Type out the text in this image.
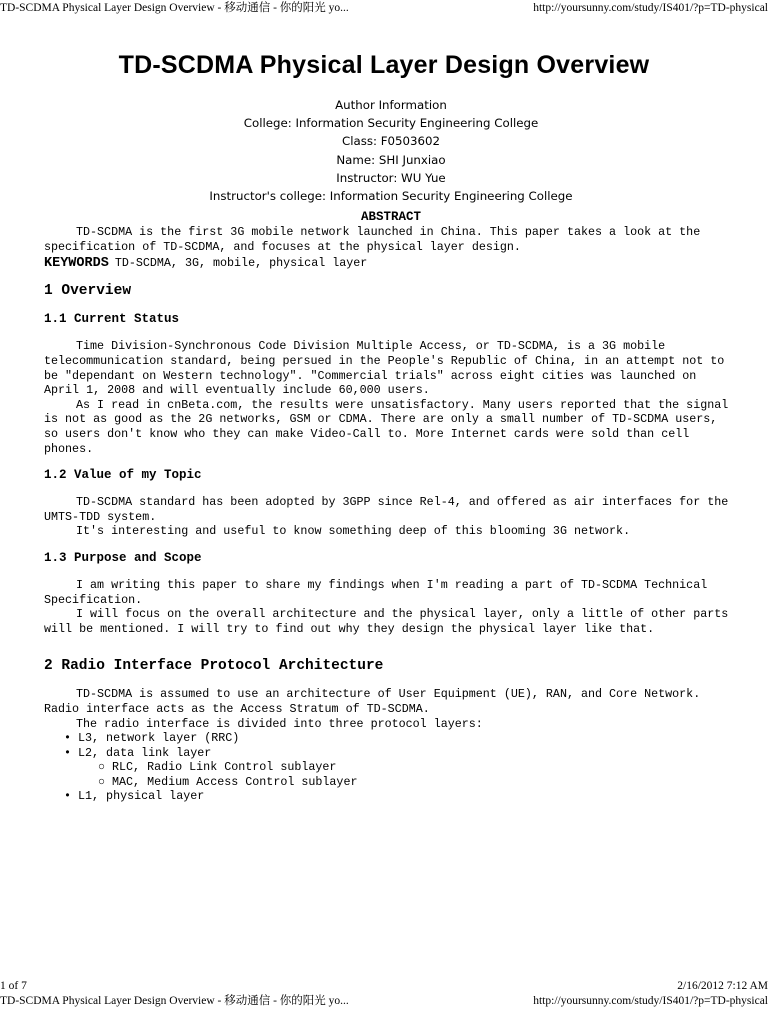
TD-SCDMA Physical Layer Design Overview - 移动通信 - 你的阳光 yo...	http://yoursunny.com/study/IS401/?p=TD-physical
TD-SCDMA Physical Layer Design Overview
Author Information
College: Information Security Engineering College
Class: F0503602
Name: SHI Junxiao
Instructor: WU Yue
Instructor's college: Information Security Engineering College
ABSTRACT

TD-SCDMA is the first 3G mobile network launched in China. This paper takes a look at the specification of TD-SCDMA, and focuses at the physical layer design.

KEYWORDS TD-SCDMA, 3G, mobile, physical layer
1 Overview
1.1 Current Status

Time Division-Synchronous Code Division Multiple Access, or TD-SCDMA, is a 3G mobile telecommunication standard, being persued in the People's Republic of China, in an attempt not to be "dependant on Western technology". "Commercial trials" across eight cities was launched on April 1, 2008 and will eventually include 60,000 users.

As I read in cnBeta.com, the results were unsatisfactory. Many users reported that the signal is not as good as the 2G networks, GSM or CDMA. There are only a small number of TD-SCDMA users, so users don't know who they can make Video-Call to. More Internet cards were sold than cell phones.

1.2 Value of my Topic

TD-SCDMA standard has been adopted by 3GPP since Rel-4, and offered as air interfaces for the UMTS-TDD system.

It's interesting and useful to know something deep of this blooming 3G network.

1.3 Purpose and Scope

I am writing this paper to share my findings when I'm reading a part of TD-SCDMA Technical Specification.

I will focus on the overall architecture and the physical layer, only a little of other parts will be mentioned. I will try to find out why they design the physical layer like that.

2 Radio Interface Protocol Architecture

TD-SCDMA is assumed to use an architecture of User Equipment (UE), RAN, and Core Network. Radio interface acts as the Access Stratum of TD-SCDMA.

The radio interface is divided into three protocol layers:

• L3, network layer (RRC)
• L2, data link layer
○ RLC, Radio Link Control sublayer
○ MAC, Medium Access Control sublayer
• L1, physical layer
1 of 7	2/16/2012 7:12 AM
TD-SCDMA Physical Layer Design Overview - 移动通信 - 你的阳光 yo...	http://yoursunny.com/study/IS401/?p=TD-physical
